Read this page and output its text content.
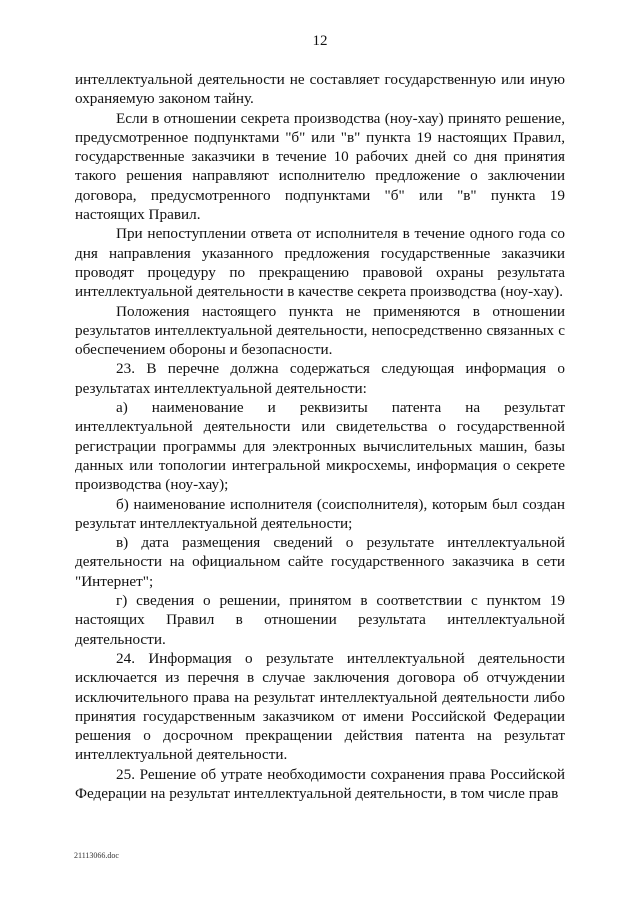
12

интеллектуальной деятельности не составляет государственную или иную охраняемую законом тайну.

Если в отношении секрета производства (ноу-хау) принято решение, предусмотренное подпунктами "б" или "в" пункта 19 настоящих Правил, государственные заказчики в течение 10 рабочих дней со дня принятия такого решения направляют исполнителю предложение о заключении договора, предусмотренного подпунктами "б" или "в" пункта 19 настоящих Правил.

При непоступлении ответа от исполнителя в течение одного года со дня направления указанного предложения государственные заказчики проводят процедуру по прекращению правовой охраны результата интеллектуальной деятельности в качестве секрета производства (ноу-хау).

Положения настоящего пункта не применяются в отношении результатов интеллектуальной деятельности, непосредственно связанных с обеспечением обороны и безопасности.

23. В перечне должна содержаться следующая информация о результатах интеллектуальной деятельности:

а) наименование и реквизиты патента на результат интеллектуальной деятельности или свидетельства о государственной регистрации программы для электронных вычислительных машин, базы данных или топологии интегральной микросхемы, информация о секрете производства (ноу-хау);

б) наименование исполнителя (соисполнителя), которым был создан результат интеллектуальной деятельности;

в) дата размещения сведений о результате интеллектуальной деятельности на официальном сайте государственного заказчика в сети "Интернет";

г) сведения о решении, принятом в соответствии с пунктом 19 настоящих Правил в отношении результата интеллектуальной деятельности.

24. Информация о результате интеллектуальной деятельности исключается из перечня в случае заключения договора об отчуждении исключительного права на результат интеллектуальной деятельности либо принятия государственным заказчиком от имени Российской Федерации решения о досрочном прекращении действия патента на результат интеллектуальной деятельности.

25. Решение об утрате необходимости сохранения права Российской Федерации на результат интеллектуальной деятельности, в том числе прав

21113066.doc
